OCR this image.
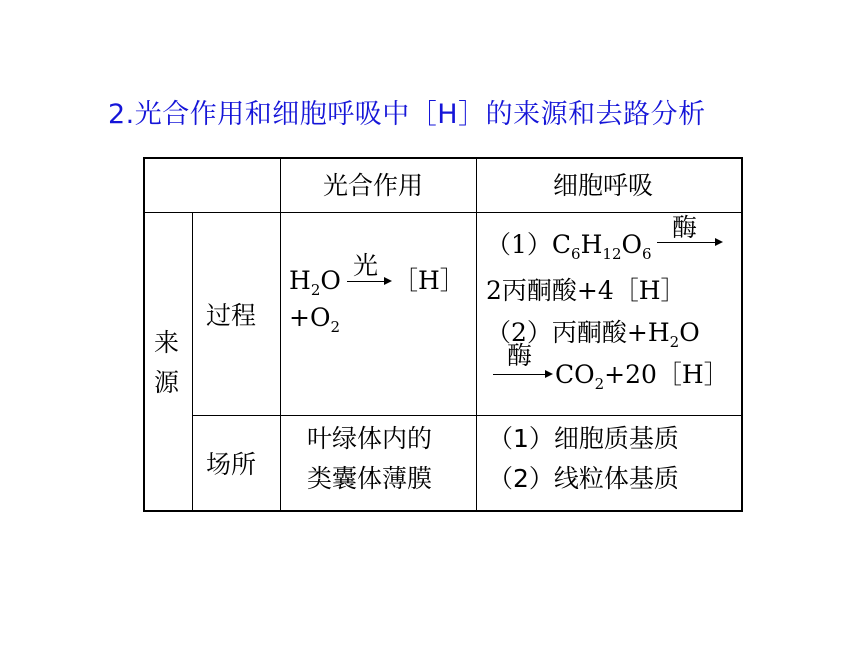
2.光合作用和细胞呼吸中［H］的来源和去路分析
光合作用	细胞呼吸
来
源
过程
$H_2O$
光
［H］
$+O_2$
$(1)C_6H_{12}O_6$
酶
2丙酮酸+4［H］
（2）丙酮酸$+H_2O$
酶
$CO_2+20[H]$
场所
叶绿体内的
类囊体薄膜
（1）细胞质基质
（2）线粒体基质
